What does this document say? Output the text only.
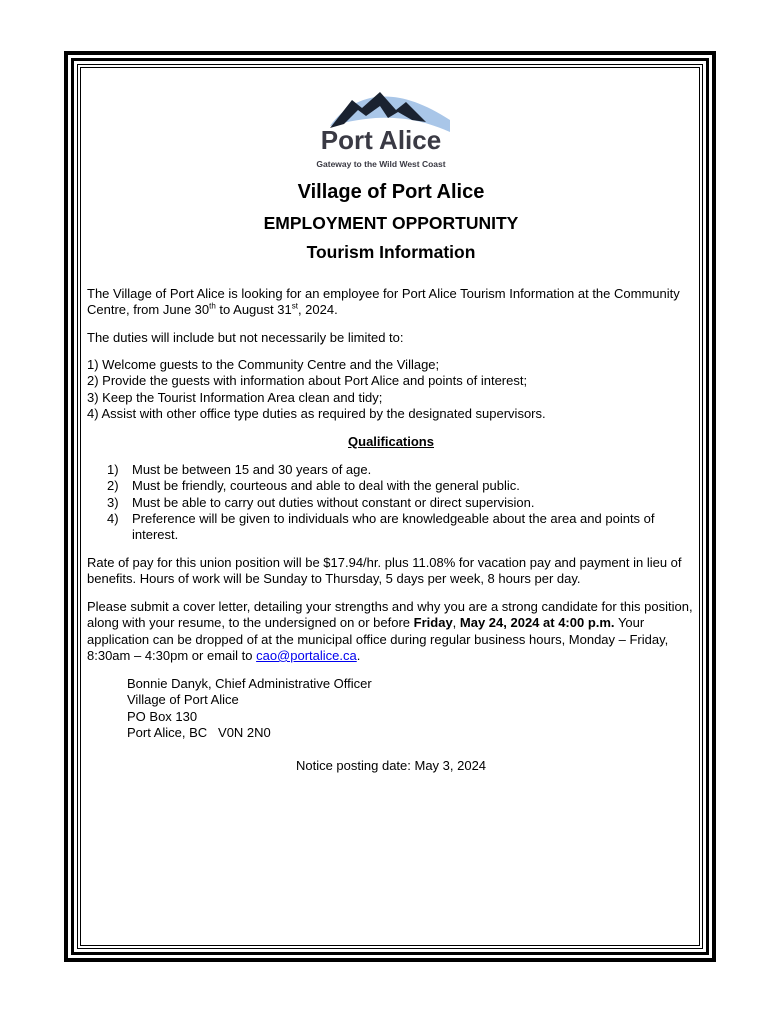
Port Alice
Gateway to the Wild West Coast
Village of Port Alice
EMPLOYMENT OPPORTUNITY
Tourism Information

The Village of Port Alice is looking for an employee for Port Alice Tourism Information at the Community Centre, from June 30th to August 31st, 2024.

The duties will include but not necessarily be limited to:

1) Welcome guests to the Community Centre and the Village;
2) Provide the guests with information about Port Alice and points of interest;
3) Keep the Tourist Information Area clean and tidy;
4) Assist with other office type duties as required by the designated supervisors.

Qualifications

1)	Must be between 15 and 30 years of age.
2)	Must be friendly, courteous and able to deal with the general public.
3)	Must be able to carry out duties without constant or direct supervision.
4)	Preference will be given to individuals who are knowledgeable about the area and points of interest.

Rate of pay for this union position will be $17.94/hr. plus 11.08% for vacation pay and payment in lieu of benefits. Hours of work will be Sunday to Thursday, 5 days per week, 8 hours per day.

Please submit a cover letter, detailing your strengths and why you are a strong candidate for this position, along with your resume, to the undersigned on or before Friday, May 24, 2024 at 4:00 p.m. Your application can be dropped of at the municipal office during regular business hours, Monday – Friday, 8:30am – 4:30pm or email to cao@portalice.ca.

Bonnie Danyk, Chief Administrative Officer
Village of Port Alice
PO Box 130
Port Alice, BC   V0N 2N0

Notice posting date: May 3, 2024
